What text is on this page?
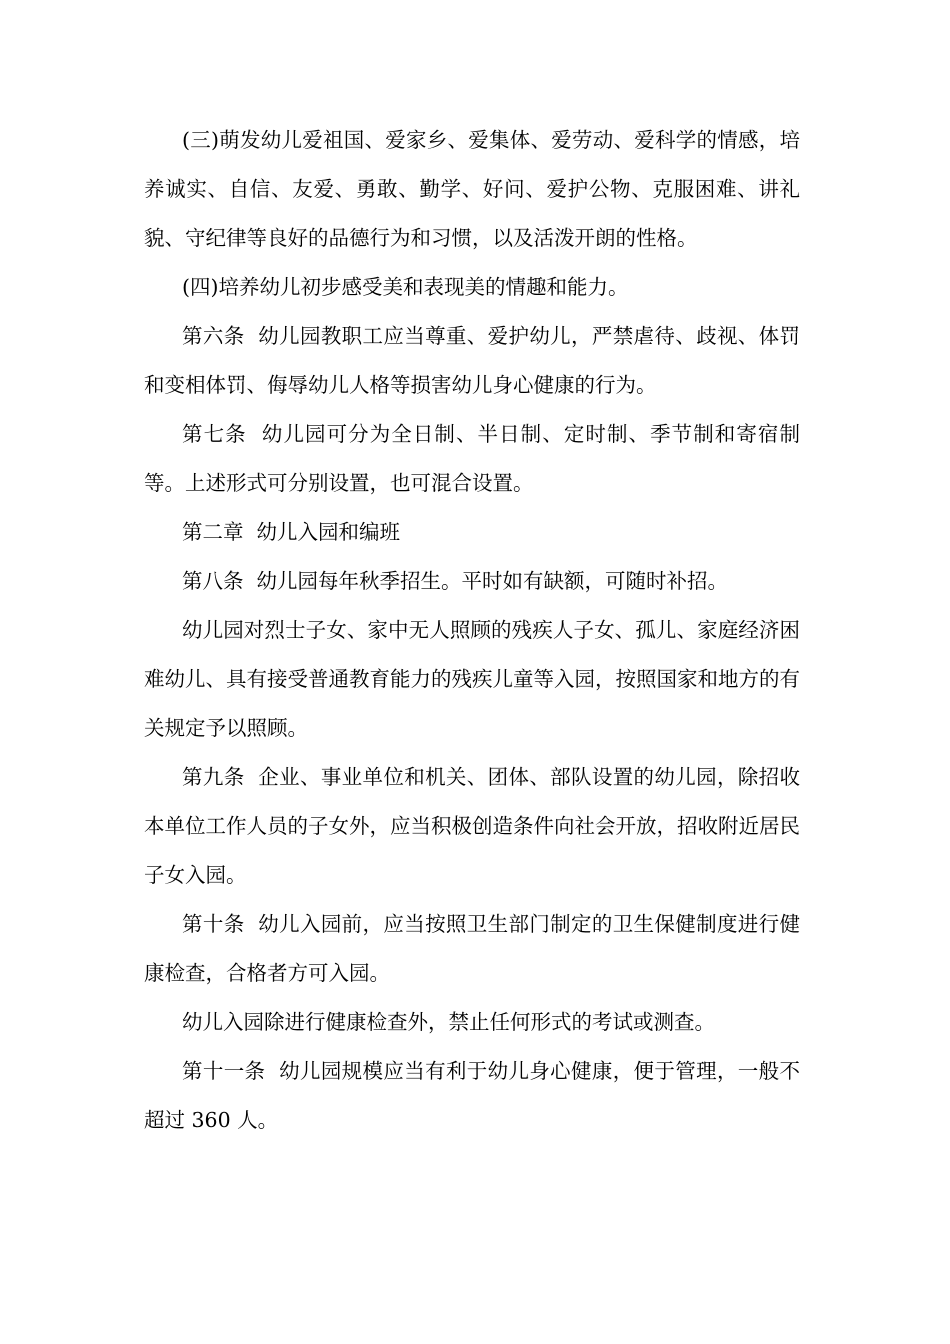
(三)萌发幼儿爱祖国、爱家乡、爱集体、爱劳动、爱科学的情感，培养诚实、自信、友爱、勇敢、勤学、好问、爱护公物、克服困难、讲礼貌、守纪律等良好的品德行为和习惯，以及活泼开朗的性格。

(四)培养幼儿初步感受美和表现美的情趣和能力。

第六条  幼儿园教职工应当尊重、爱护幼儿，严禁虐待、歧视、体罚和变相体罚、侮辱幼儿人格等损害幼儿身心健康的行为。

第七条  幼儿园可分为全日制、半日制、定时制、季节制和寄宿制等。上述形式可分别设置，也可混合设置。

第二章  幼儿入园和编班

第八条  幼儿园每年秋季招生。平时如有缺额，可随时补招。

幼儿园对烈士子女、家中无人照顾的残疾人子女、孤儿、家庭经济困难幼儿、具有接受普通教育能力的残疾儿童等入园，按照国家和地方的有关规定予以照顾。

第九条  企业、事业单位和机关、团体、部队设置的幼儿园，除招收本单位工作人员的子女外，应当积极创造条件向社会开放，招收附近居民子女入园。

第十条  幼儿入园前，应当按照卫生部门制定的卫生保健制度进行健康检查，合格者方可入园。

幼儿入园除进行健康检查外，禁止任何形式的考试或测查。

第十一条  幼儿园规模应当有利于幼儿身心健康，便于管理，一般不超过 360 人。
